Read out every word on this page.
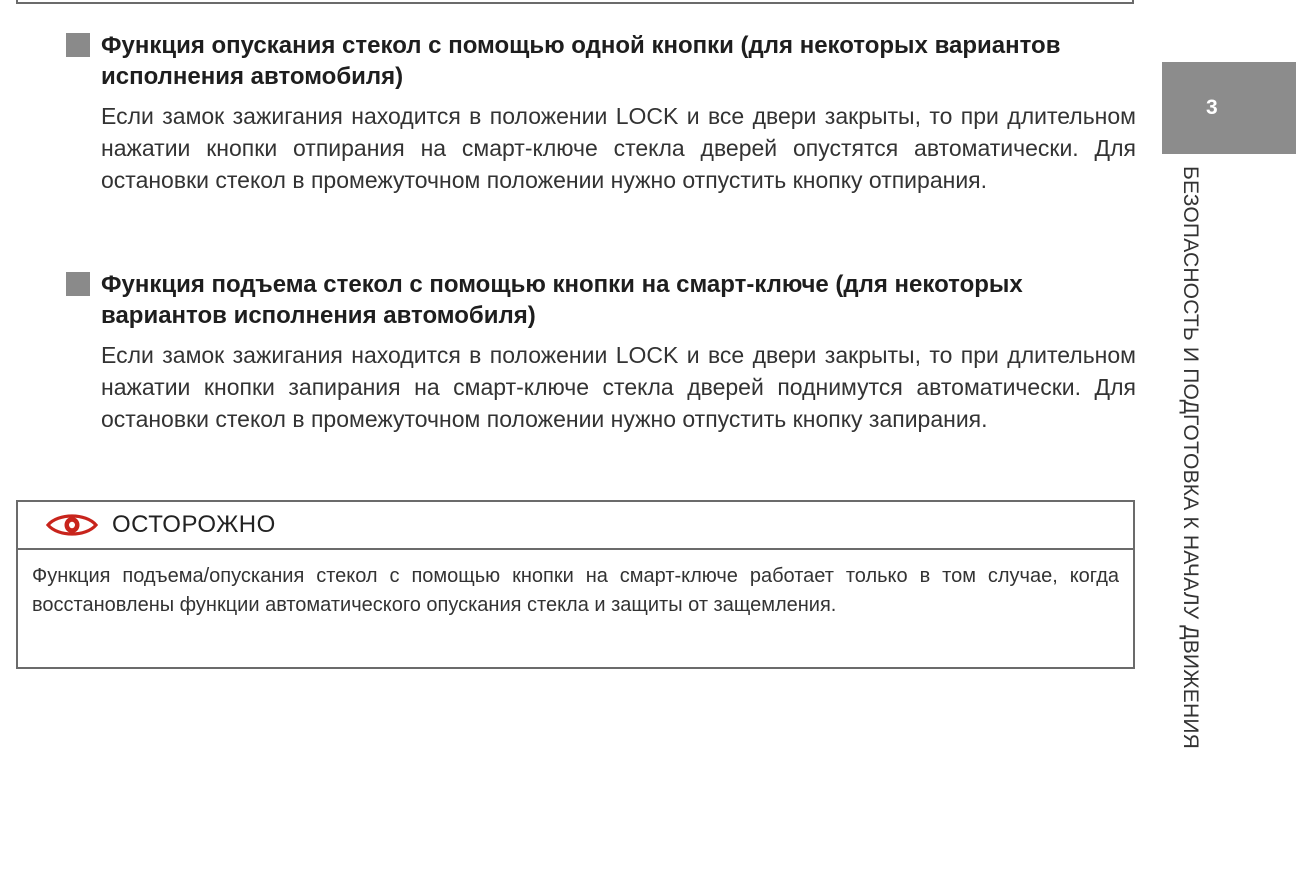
Функция опускания стекол с помощью одной кнопки (для некоторых вариантов исполнения автомобиля)

Если замок зажигания находится в положении LOCK и все двери закрыты, то при длительном нажатии кнопки отпирания на смарт-ключе стекла дверей опустятся автоматически. Для остановки стекол в промежуточном положении нужно отпустить кнопку отпирания.

Функция подъема стекол с помощью кнопки на смарт-ключе (для некоторых вариантов исполнения автомобиля)

Если замок зажигания находится в положении LOCK и все двери закрыты, то при длительном нажатии кнопки запирания на смарт-ключе стекла дверей поднимутся автоматически. Для остановки стекол в промежуточном положении нужно отпустить кнопку запирания.

ОСТОРОЖНО
Функция подъема/опускания стекол с помощью кнопки на смарт-ключе работает только в том случае, когда восстановлены функции автоматического опускания стекла и защиты от защемления.
3
БЕЗОПАСНОСТЬ И ПОДГОТОВКА К НАЧАЛУ ДВИЖЕНИЯ
